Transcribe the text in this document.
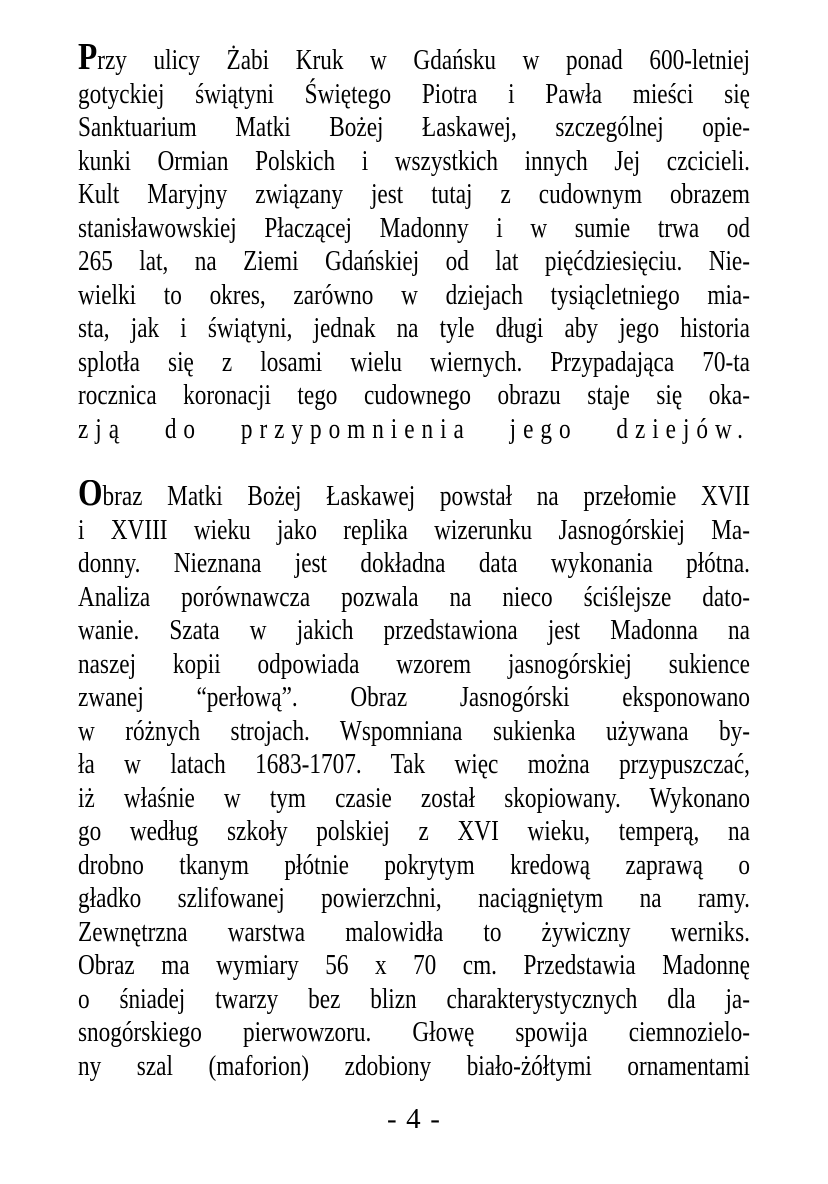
Przy ulicy Żabi Kruk w Gdańsku w ponad 600-letniej
gotyckiej świątyni Świętego Piotra i Pawła mieści się
Sanktuarium Matki Bożej Łaskawej, szczególnej opie-
kunki Ormian Polskich i wszystkich innych Jej czcicieli.
Kult Maryjny związany jest tutaj z cudownym obrazem
stanisławowskiej Płaczącej Madonny i w sumie trwa od
265 lat, na Ziemi Gdańskiej od lat pięćdziesięciu. Nie-
wielki to okres, zarówno w dziejach tysiącletniego mia-
sta, jak i świątyni, jednak na tyle długi aby jego historia
splotła się z losami wielu wiernych. Przypadająca 70-ta
rocznica koronacji tego cudownego obrazu staje się oka-
zją do przypomnienia jego dziejów.
Obraz Matki Bożej Łaskawej powstał na przełomie XVII
i XVIII wieku jako replika wizerunku Jasnogórskiej Ma-
donny. Nieznana jest dokładna data wykonania płótna.
Analiza porównawcza pozwala na nieco ściślejsze dato-
wanie. Szata w jakich przedstawiona jest Madonna na
naszej kopii odpowiada wzorem jasnogórskiej sukience
zwanej “perłową”. Obraz Jasnogórski eksponowano
w różnych strojach. Wspomniana sukienka używana by-
ła w latach 1683-1707. Tak więc można przypuszczać,
iż właśnie w tym czasie został skopiowany. Wykonano
go według szkoły polskiej z XVI wieku, temperą, na
drobno tkanym płótnie pokrytym kredową zaprawą o
gładko szlifowanej powierzchni, naciągniętym na ramy.
Zewnętrzna warstwa malowidła to żywiczny werniks.
Obraz ma wymiary 56 x 70 cm. Przedstawia Madonnę
o śniadej twarzy bez blizn charakterystycznych dla ja-
snogórskiego pierwowzoru. Głowę spowija ciemnozielo-
ny szal (maforion) zdobiony biało-żółtymi ornamentami
- 4 -
